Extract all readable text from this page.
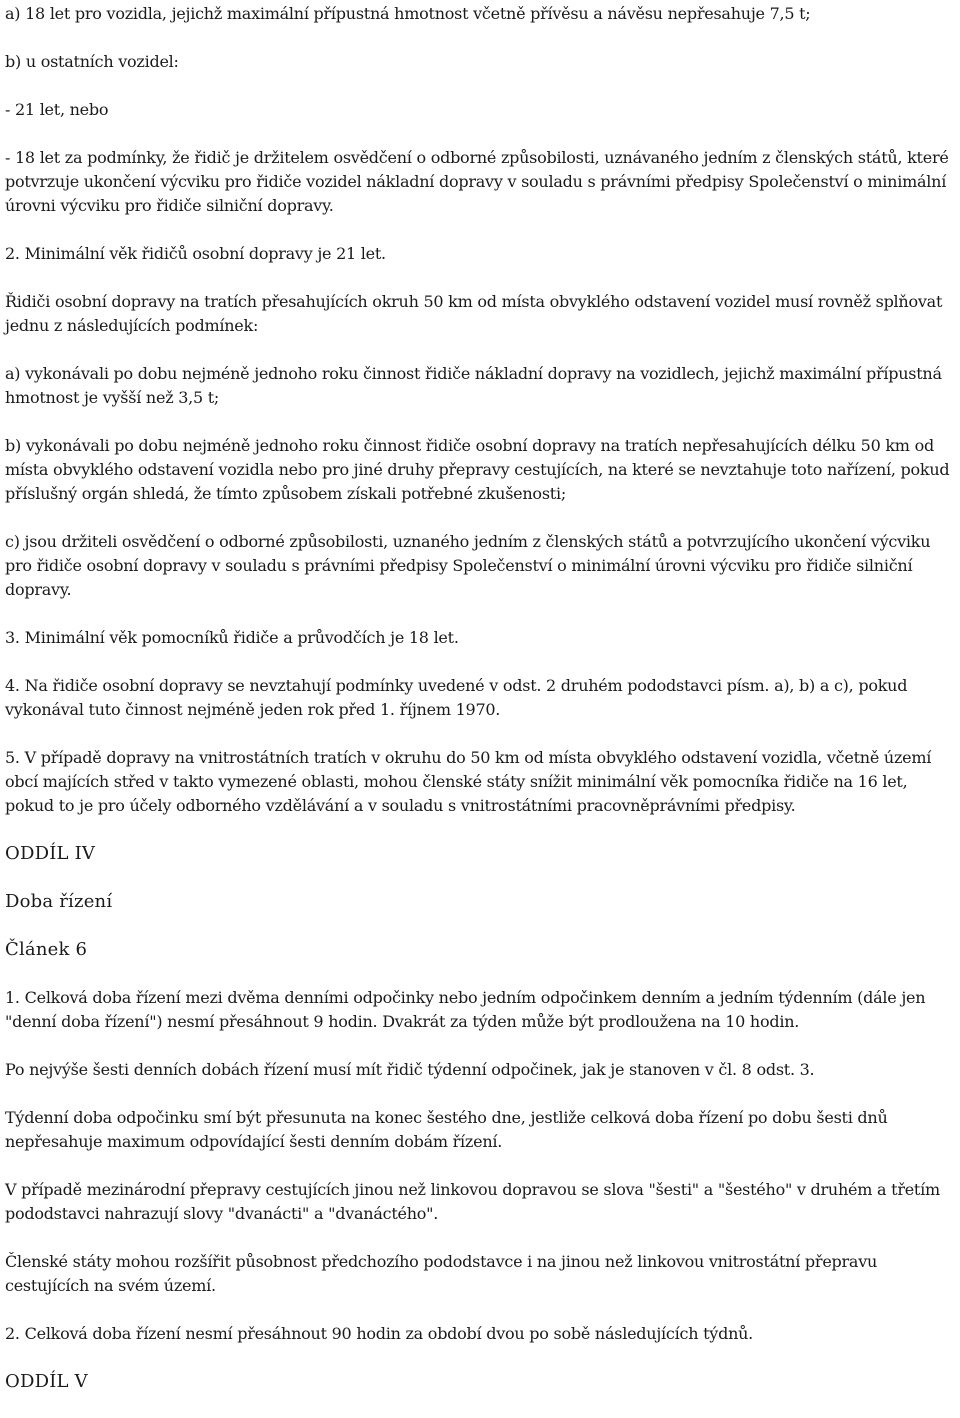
a) 18 let pro vozidla, jejichž maximální přípustná hmotnost včetně přívěsu a návěsu nepřesahuje 7,5 t;

b) u ostatních vozidel:

- 21 let, nebo

- 18 let za podmínky, že řidič je držitelem osvědčení o odborné způsobilosti, uznávaného jedním z členských států, které potvrzuje ukončení výcviku pro řidiče vozidel nákladní dopravy v souladu s právními předpisy Společenství o minimální úrovni výcviku pro řidiče silniční dopravy.

2. Minimální věk řidičů osobní dopravy je 21 let.

Řidiči osobní dopravy na tratích přesahujících okruh 50 km od místa obvyklého odstavení vozidel musí rovněž splňovat jednu z následujících podmínek:

a) vykonávali po dobu nejméně jednoho roku činnost řidiče nákladní dopravy na vozidlech, jejichž maximální přípustná hmotnost je vyšší než 3,5 t;

b) vykonávali po dobu nejméně jednoho roku činnost řidiče osobní dopravy na tratích nepřesahujících délku 50 km od místa obvyklého odstavení vozidla nebo pro jiné druhy přepravy cestujících, na které se nevztahuje toto nařízení, pokud příslušný orgán shledá, že tímto způsobem získali potřebné zkušenosti;

c) jsou držiteli osvědčení o odborné způsobilosti, uznaného jedním z členských států a potvrzujícího ukončení výcviku pro řidiče osobní dopravy v souladu s právními předpisy Společenství o minimální úrovni výcviku pro řidiče silniční dopravy.

3. Minimální věk pomocníků řidiče a průvodčích je 18 let.

4. Na řidiče osobní dopravy se nevztahují podmínky uvedené v odst. 2 druhém pododstavci písm. a), b) a c), pokud vykonával tuto činnost nejméně jeden rok před 1. říjnem 1970.

5. V případě dopravy na vnitrostátních tratích v okruhu do 50 km od místa obvyklého odstavení vozidla, včetně území obcí majících střed v takto vymezené oblasti, mohou členské státy snížit minimální věk pomocníka řidiče na 16 let, pokud to je pro účely odborného vzdělávání a v souladu s vnitrostátními pracovněprávními předpisy.

ODDÍL IV

Doba řízení

Článek 6

1. Celková doba řízení mezi dvěma denními odpočinky nebo jedním odpočinkem denním a jedním týdenním (dále jen "denní doba řízení") nesmí přesáhnout 9 hodin. Dvakrát za týden může být prodloužena na 10 hodin.

Po nejvýše šesti denních dobách řízení musí mít řidič týdenní odpočinek, jak je stanoven v čl. 8 odst. 3.

Týdenní doba odpočinku smí být přesunuta na konec šestého dne, jestliže celková doba řízení po dobu šesti dnů nepřesahuje maximum odpovídající šesti denním dobám řízení.

V případě mezinárodní přepravy cestujících jinou než linkovou dopravou se slova "šesti" a "šestého" v druhém a třetím pododstavci nahrazují slovy "dvanácti" a "dvanáctého".

Členské státy mohou rozšířit působnost předchozího pododstavce i na jinou než linkovou vnitrostátní přepravu cestujících na svém území.

2. Celková doba řízení nesmí přesáhnout 90 hodin za období dvou po sobě následujících týdnů.

ODDÍL V
